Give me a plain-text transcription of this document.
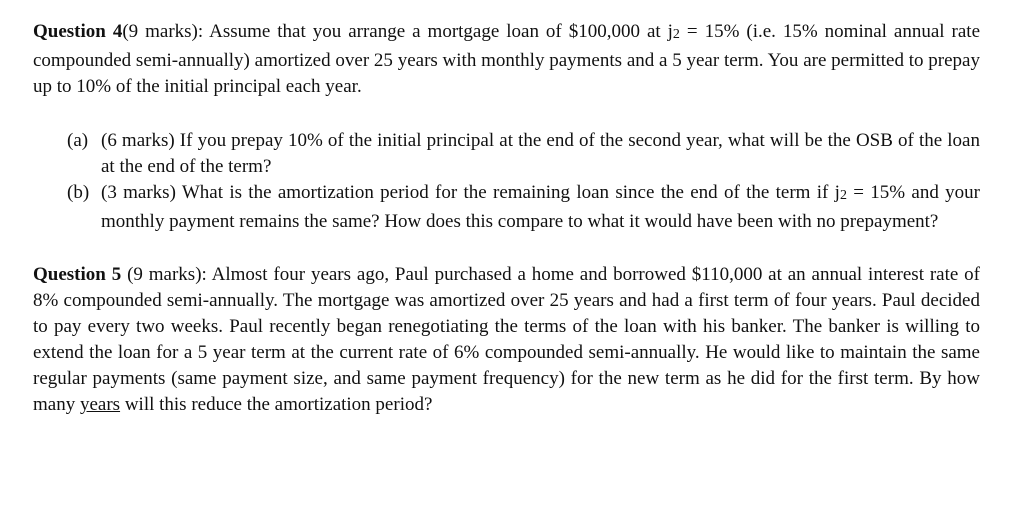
Question 4(9 marks): Assume that you arrange a mortgage loan of $100,000 at j2 = 15% (i.e. 15% nominal annual rate compounded semi-annually) amortized over 25 years with monthly payments and a 5 year term. You are permitted to prepay up to 10% of the initial principal each year.

(a) (6 marks) If you prepay 10% of the initial principal at the end of the second year, what will be the OSB of the loan at the end of the term?
(b) (3 marks) What is the amortization period for the remaining loan since the end of the term if j2 = 15% and your monthly payment remains the same? How does this compare to what it would have been with no prepayment?

Question 5 (9 marks): Almost four years ago, Paul purchased a home and borrowed $110,000 at an annual interest rate of 8% compounded semi-annually. The mortgage was amortized over 25 years and had a first term of four years. Paul decided to pay every two weeks. Paul recently began renegotiating the terms of the loan with his banker. The banker is willing to extend the loan for a 5 year term at the current rate of 6% compounded semi-annually. He would like to maintain the same regular payments (same payment size, and same payment frequency) for the new term as he did for the first term. By how many years will this reduce the amortization period?
